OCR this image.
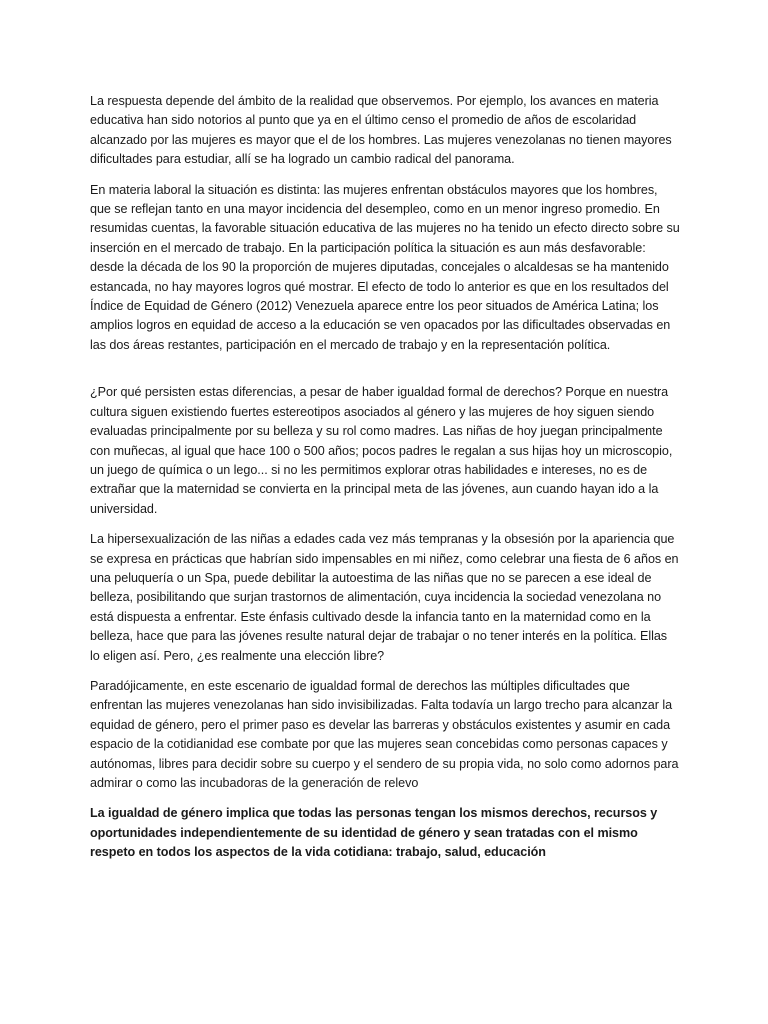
La respuesta depende del ámbito de la realidad que observemos. Por ejemplo, los avances en materia educativa han sido notorios al punto que ya en el último censo el promedio de años de escolaridad alcanzado por las mujeres es mayor que el de los hombres. Las mujeres venezolanas no tienen mayores dificultades para estudiar, allí se ha logrado un cambio radical del panorama.

En materia laboral la situación es distinta: las mujeres enfrentan obstáculos mayores que los hombres, que se reflejan tanto en una mayor incidencia del desempleo, como en un menor ingreso promedio. En resumidas cuentas, la favorable situación educativa de las mujeres no ha tenido un efecto directo sobre su inserción en el mercado de trabajo. En la participación política la situación es aun más desfavorable: desde la década de los 90 la proporción de mujeres diputadas, concejales o alcaldesas se ha mantenido estancada, no hay mayores logros qué mostrar. El efecto de todo lo anterior es que en los resultados del Índice de Equidad de Género (2012) Venezuela aparece entre los peor situados de América Latina; los amplios logros en equidad de acceso a la educación se ven opacados por las dificultades observadas en las dos áreas restantes, participación en el mercado de trabajo y en la representación política.

¿Por qué persisten estas diferencias, a pesar de haber igualdad formal de derechos? Porque en nuestra cultura siguen existiendo fuertes estereotipos asociados al género y las mujeres de hoy siguen siendo evaluadas principalmente por su belleza y su rol como madres. Las niñas de hoy juegan principalmente con muñecas, al igual que hace 100 o 500 años; pocos padres le regalan a sus hijas hoy un microscopio, un juego de química o un lego... si no les permitimos explorar otras habilidades e intereses, no es de extrañar que la maternidad se convierta en la principal meta de las jóvenes, aun cuando hayan ido a la universidad.

La hipersexualización de las niñas a edades cada vez más tempranas y la obsesión por la apariencia que se expresa en prácticas que habrían sido impensables en mi niñez, como celebrar una fiesta de 6 años en una peluquería o un Spa, puede debilitar la autoestima de las niñas que no se parecen a ese ideal de belleza, posibilitando que surjan trastornos de alimentación, cuya incidencia la sociedad venezolana no está dispuesta a enfrentar. Este énfasis cultivado desde la infancia tanto en la maternidad como en la belleza, hace que para las jóvenes resulte natural dejar de trabajar o no tener interés en la política. Ellas lo eligen así. Pero, ¿es realmente una elección libre?

Paradójicamente, en este escenario de igualdad formal de derechos las múltiples dificultades que enfrentan las mujeres venezolanas han sido invisibilizadas. Falta todavía un largo trecho para alcanzar la equidad de género, pero el primer paso es develar las barreras y obstáculos existentes y asumir en cada espacio de la cotidianidad ese combate por que las mujeres sean concebidas como personas capaces y autónomas, libres para decidir sobre su cuerpo y el sendero de su propia vida, no solo como adornos para admirar o como las incubadoras de la generación de relevo

La igualdad de género implica que todas las personas tengan los mismos derechos, recursos y oportunidades independientemente de su identidad de género y sean tratadas con el mismo respeto en todos los aspectos de la vida cotidiana: trabajo, salud, educación
